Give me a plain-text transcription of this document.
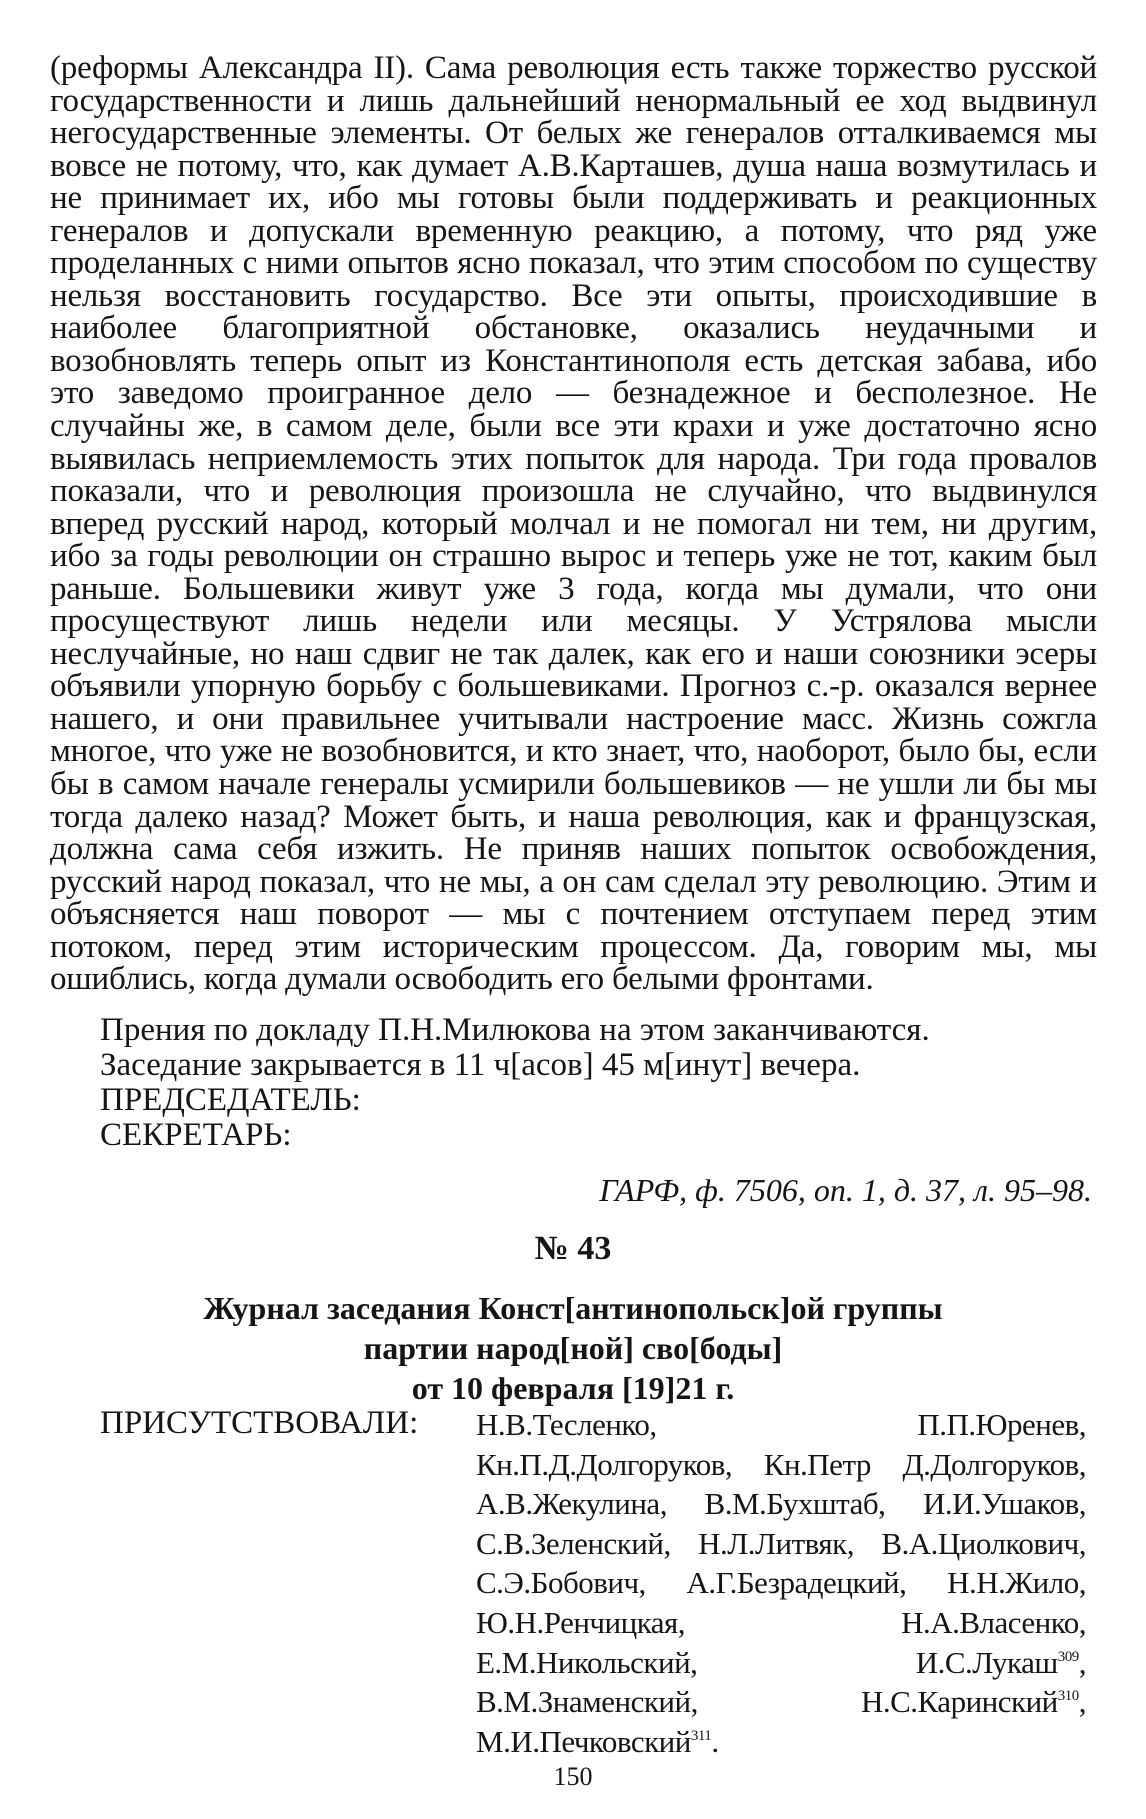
(реформы Александра II). Сама революция есть также торжество русской государственности и лишь дальнейший ненормальный ее ход выдвинул негосударственные элементы. От белых же генералов отталкиваемся мы вовсе не потому, что, как думает А.В.Карташев, душа наша возмутилась и не принимает их, ибо мы готовы были поддерживать и реакционных генералов и допускали временную реакцию, а потому, что ряд уже проделанных с ними опытов ясно показал, что этим способом по существу нельзя восстановить государство. Все эти опыты, происходившие в наиболее благоприятной обстановке, оказались неудачными и возобновлять теперь опыт из Константинополя есть детская забава, ибо это заведомо проигранное дело — безнадежное и бесполезное. Не случайны же, в самом деле, были все эти крахи и уже достаточно ясно выявилась неприемлемость этих попыток для народа. Три года провалов показали, что и революция произошла не случайно, что выдвинулся вперед русский народ, который молчал и не помогал ни тем, ни другим, ибо за годы революции он страшно вырос и теперь уже не тот, каким был раньше. Большевики живут уже 3 года, когда мы думали, что они просуществуют лишь недели или месяцы. У Устрялова мысли неслучайные, но наш сдвиг не так далек, как его и наши союзники эсеры объявили упорную борьбу с большевиками. Прогноз с.-р. оказался вернее нашего, и они правильнее учитывали настроение масс. Жизнь сожгла многое, что уже не возобновится, и кто знает, что, наоборот, было бы, если бы в самом начале генералы усмирили большевиков — не ушли ли бы мы тогда далеко назад? Может быть, и наша революция, как и французская, должна сама себя изжить. Не приняв наших попыток освобождения, русский народ показал, что не мы, а он сам сделал эту революцию. Этим и объясняется наш поворот — мы с почтением отступаем перед этим потоком, перед этим историческим процессом. Да, говорим мы, мы ошиблись, когда думали освободить его белыми фронтами.

Прения по докладу П.Н.Милюкова на этом заканчиваются.
Заседание закрывается в 11 ч[асов] 45 м[инут] вечера.
ПРЕДСЕДАТЕЛЬ:
СЕКРЕТАРЬ:
ГАРФ, ф. 7506, оп. 1, д. 37, л. 95–98.
№ 43
Журнал заседания Конст[антинопольск]ой группы
партии народ[ной] сво[боды]
от 10 февраля [19]21 г.
ПРИСУТСТВОВАЛИ: Н.В.Тесленко, П.П.Юренев, Кн.П.Д.Долгоруков, Кн.Петр Д.Долгоруков, А.В.Жекулина, В.М.Бухштаб, И.И.Ушаков, С.В.Зеленский, Н.Л.Литвяк, В.А.Циолкович, С.Э.Бобович, А.Г.Безрадецкий, Н.Н.Жило, Ю.Н.Ренчицкая, Н.А.Власенко, Е.М.Никольский, И.С.Лукаш$^{309}$, В.М.Знаменский, Н.С.Каринский$^{310}$, М.И.Печковский$^{311}$.
150
